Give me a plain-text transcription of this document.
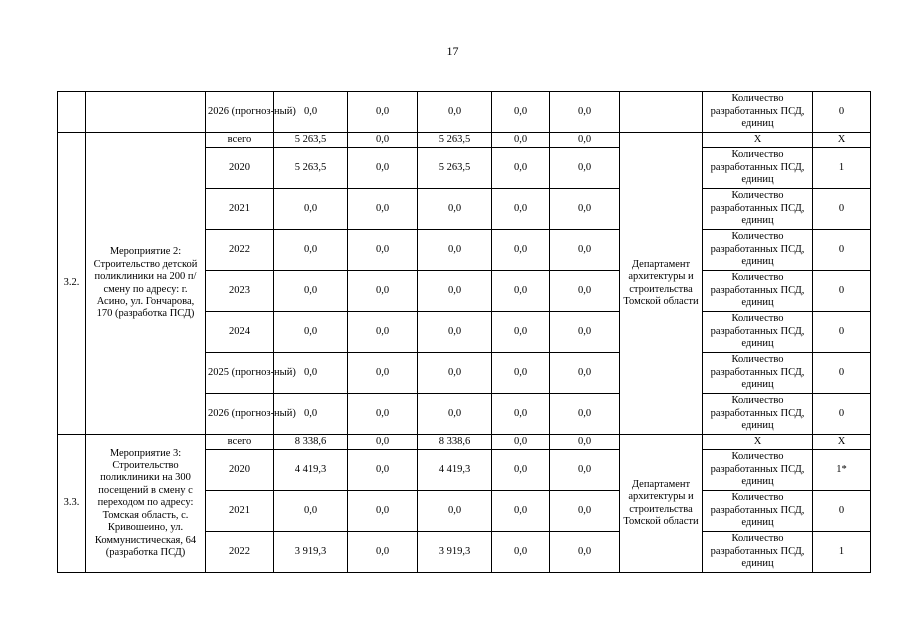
17
		2026 (прогноз-ный)	0,0	0,0	0,0	0,0	0,0		Количество разработанных ПСД, единиц	0
3.2.	Мероприятие 2: Строительство детской поликлиники на 200 п/смену по адресу: г. Асино, ул. Гончарова, 170 (разработка ПСД)	всего	5 263,5	0,0	5 263,5	0,0	0,0	Департамент архитектуры и строительства Томской области	X	X
		2020	5 263,5	0,0	5 263,5	0,0	0,0		Количество разработанных ПСД, единиц	1
		2021	0,0	0,0	0,0	0,0	0,0		Количество разработанных ПСД, единиц	0
		2022	0,0	0,0	0,0	0,0	0,0		Количество разработанных ПСД, единиц	0
		2023	0,0	0,0	0,0	0,0	0,0		Количество разработанных ПСД, единиц	0
		2024	0,0	0,0	0,0	0,0	0,0		Количество разработанных ПСД, единиц	0
		2025 (прогноз-ный)	0,0	0,0	0,0	0,0	0,0		Количество разработанных ПСД, единиц	0
		2026 (прогноз-ный)	0,0	0,0	0,0	0,0	0,0		Количество разработанных ПСД, единиц	0
3.3.	Мероприятие 3: Строительство поликлиники на 300 посещений в смену с переходом по адресу: Томская область, с. Кривошеино, ул. Коммунистическая, 64 (разработка ПСД)	всего	8 338,6	0,0	8 338,6	0,0	0,0	Департамент архитектуры и строительства Томской области	X	X
		2020	4 419,3	0,0	4 419,3	0,0	0,0		Количество разработанных ПСД, единиц	1*
		2021	0,0	0,0	0,0	0,0	0,0		Количество разработанных ПСД, единиц	0
		2022	3 919,3	0,0	3 919,3	0,0	0,0		Количество разработанных ПСД, единиц	1
